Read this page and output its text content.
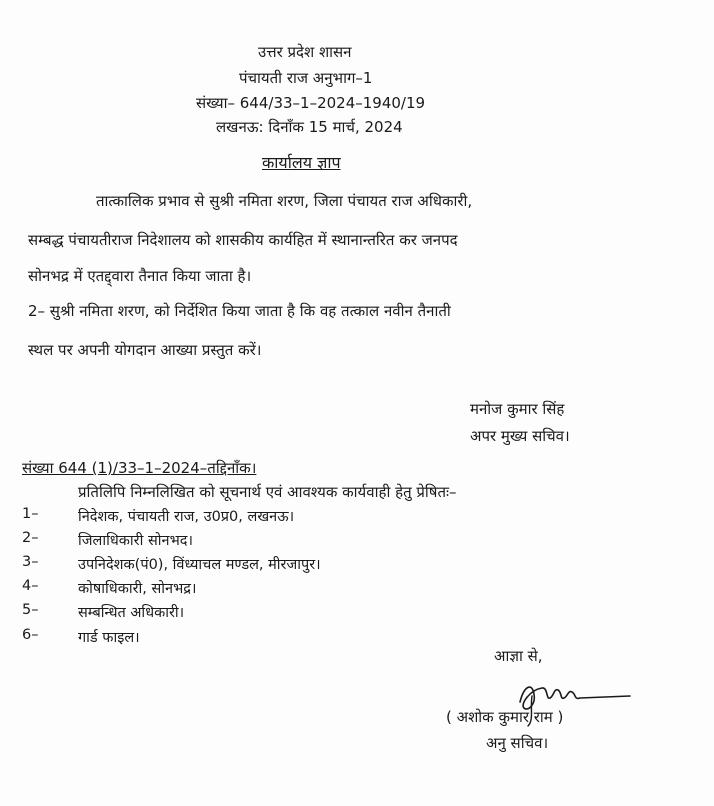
उत्तर प्रदेश शासन
पंचायती राज अनुभाग–1
संख्या– 644/33–1–2024–1940/19
लखनऊ: दिनाँक 15 मार्च, 2024
कार्यालय ज्ञाप
तात्कालिक प्रभाव से सुश्री नमिता शरण, जिला पंचायत राज अधिकारी,
सम्बद्ध पंचायतीराज निदेशालय को शासकीय कार्यहित में स्थानान्तरित कर जनपद
सोनभद्र में एतद्द्वारा तैनात किया जाता है।
2– सुश्री नमिता शरण, को निर्देशित किया जाता है कि वह तत्काल नवीन तैनाती
स्थल पर अपनी योगदान आख्या प्रस्तुत करें।
मनोज कुमार सिंह
अपर मुख्य सचिव।
संख्या 644 (1)/33–1–2024–तद्दिनाँक।
प्रतिलिपि निम्नलिखित को सूचनार्थ एवं आवश्यक कार्यवाही हेतु प्रेषितः–
1–	निदेशक, पंचायती राज, उ0प्र0, लखनऊ।
2–	जिलाधिकारी सोनभद।
3–	उपनिदेशक(पं0), विंध्याचल मण्डल, मीरजापुर।
4–	कोषाधिकारी, सोनभद्र।
5–	सम्बन्धित अधिकारी।
6–	गार्ड फाइल।
आज्ञा से,
( अशोक कुमार राम )
अनु सचिव।
